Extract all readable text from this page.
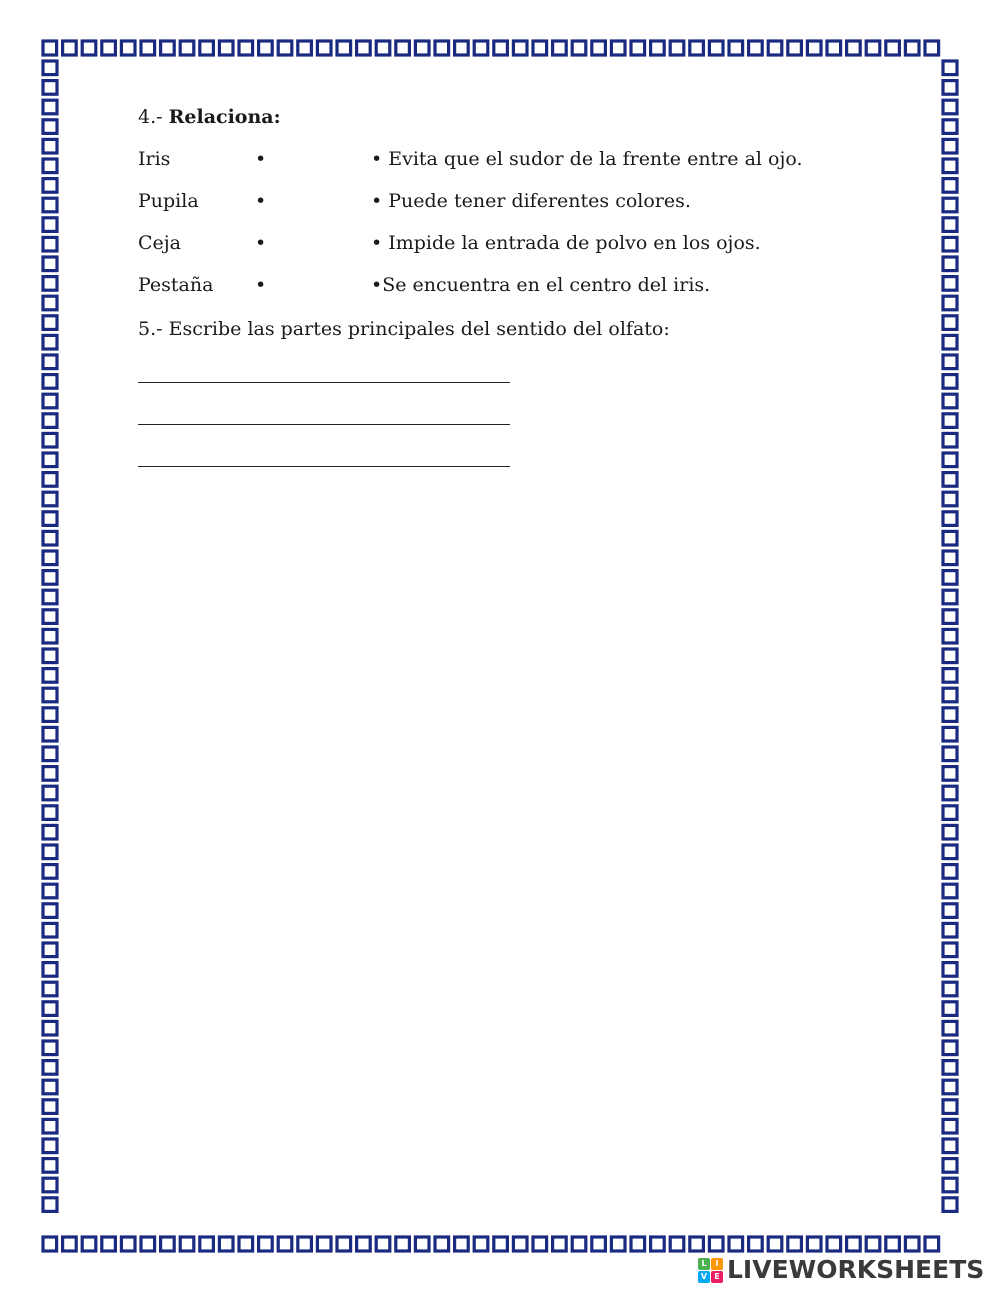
4.- Relaciona:
Iris	•	• Evita que el sudor de la frente entre al ojo.
Pupila	•	• Puede tener diferentes colores.
Ceja	•	• Impide la entrada de polvo en los ojos.
Pestaña •	•Se encuentra en el centro del iris.
5.- Escribe las partes principales del sentido del olfato:
L	I
V E LIVEWORKSHEETS
